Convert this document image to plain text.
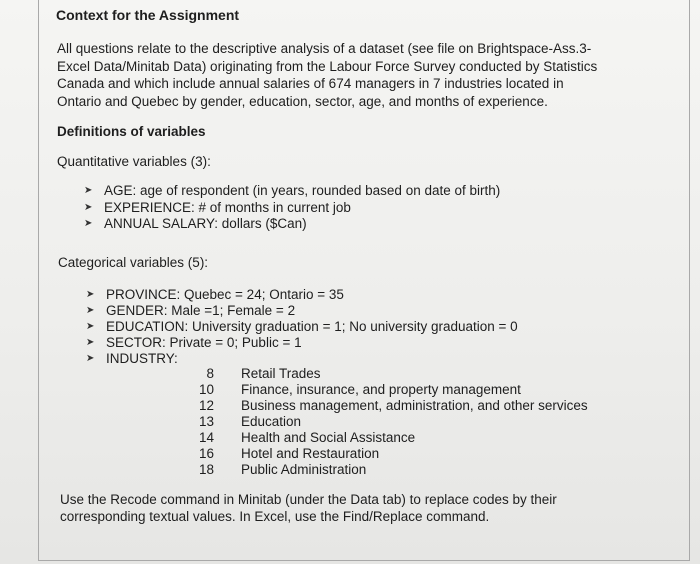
Context for the Assignment
All questions relate to the descriptive analysis of a dataset (see file on Brightspace-Ass.3-
Excel Data/Minitab Data) originating from the Labour Force Survey conducted by Statistics
Canada and which include annual salaries of 674 managers in 7 industries located in
Ontario and Quebec by gender, education, sector, age, and months of experience.
Definitions of variables
Quantitative variables (3):
➤ AGE: age of respondent (in years, rounded based on date of birth)
➤ EXPERIENCE: # of months in current job
➤ ANNUAL SALARY: dollars ($Can)
Categorical variables (5):
➤ PROVINCE: Quebec = 24; Ontario = 35
➤ GENDER: Male =1; Female = 2
➤ EDUCATION: University graduation = 1; No university graduation = 0
➤ SECTOR: Private = 0; Public = 1
➤ INDUSTRY:
8 Retail Trades
10 Finance, insurance, and property management
12 Business management, administration, and other services
13 Education
14 Health and Social Assistance
16 Hotel and Restauration
18 Public Administration
Use the Recode command in Minitab (under the Data tab) to replace codes by their
corresponding textual values. In Excel, use the Find/Replace command.
